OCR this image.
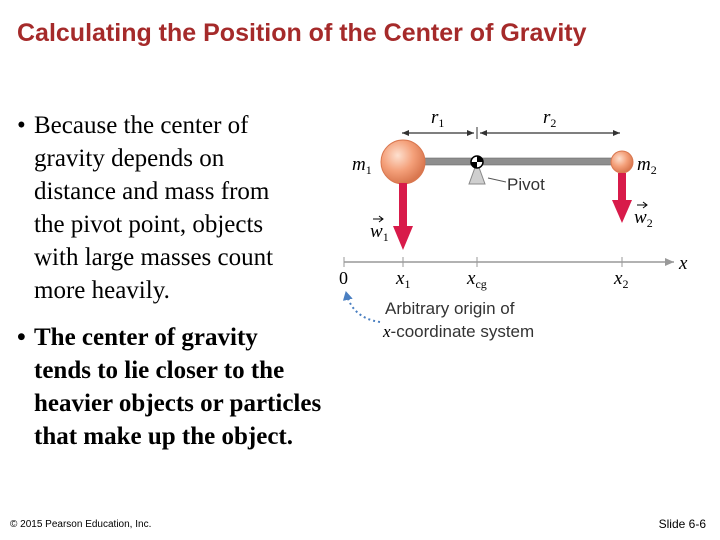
Calculating the Position of the Center of Gravity
• Because the center of
gravity depends on
distance and mass from
the pivot point, objects
with large masses count
more heavily.
• The center of gravity
tends to lie closer to the
heavier objects or particles
that make up the object.
$r_1$	$r_2$
$m_1$	$m_2$
Pivot
$w_1$
$w_2$
x
0	$x_1$	$x_{cg}$	$x_2$
Arbitrary origin of
x-coordinate system
© 2015 Pearson Education, Inc.	Slide 6-6
